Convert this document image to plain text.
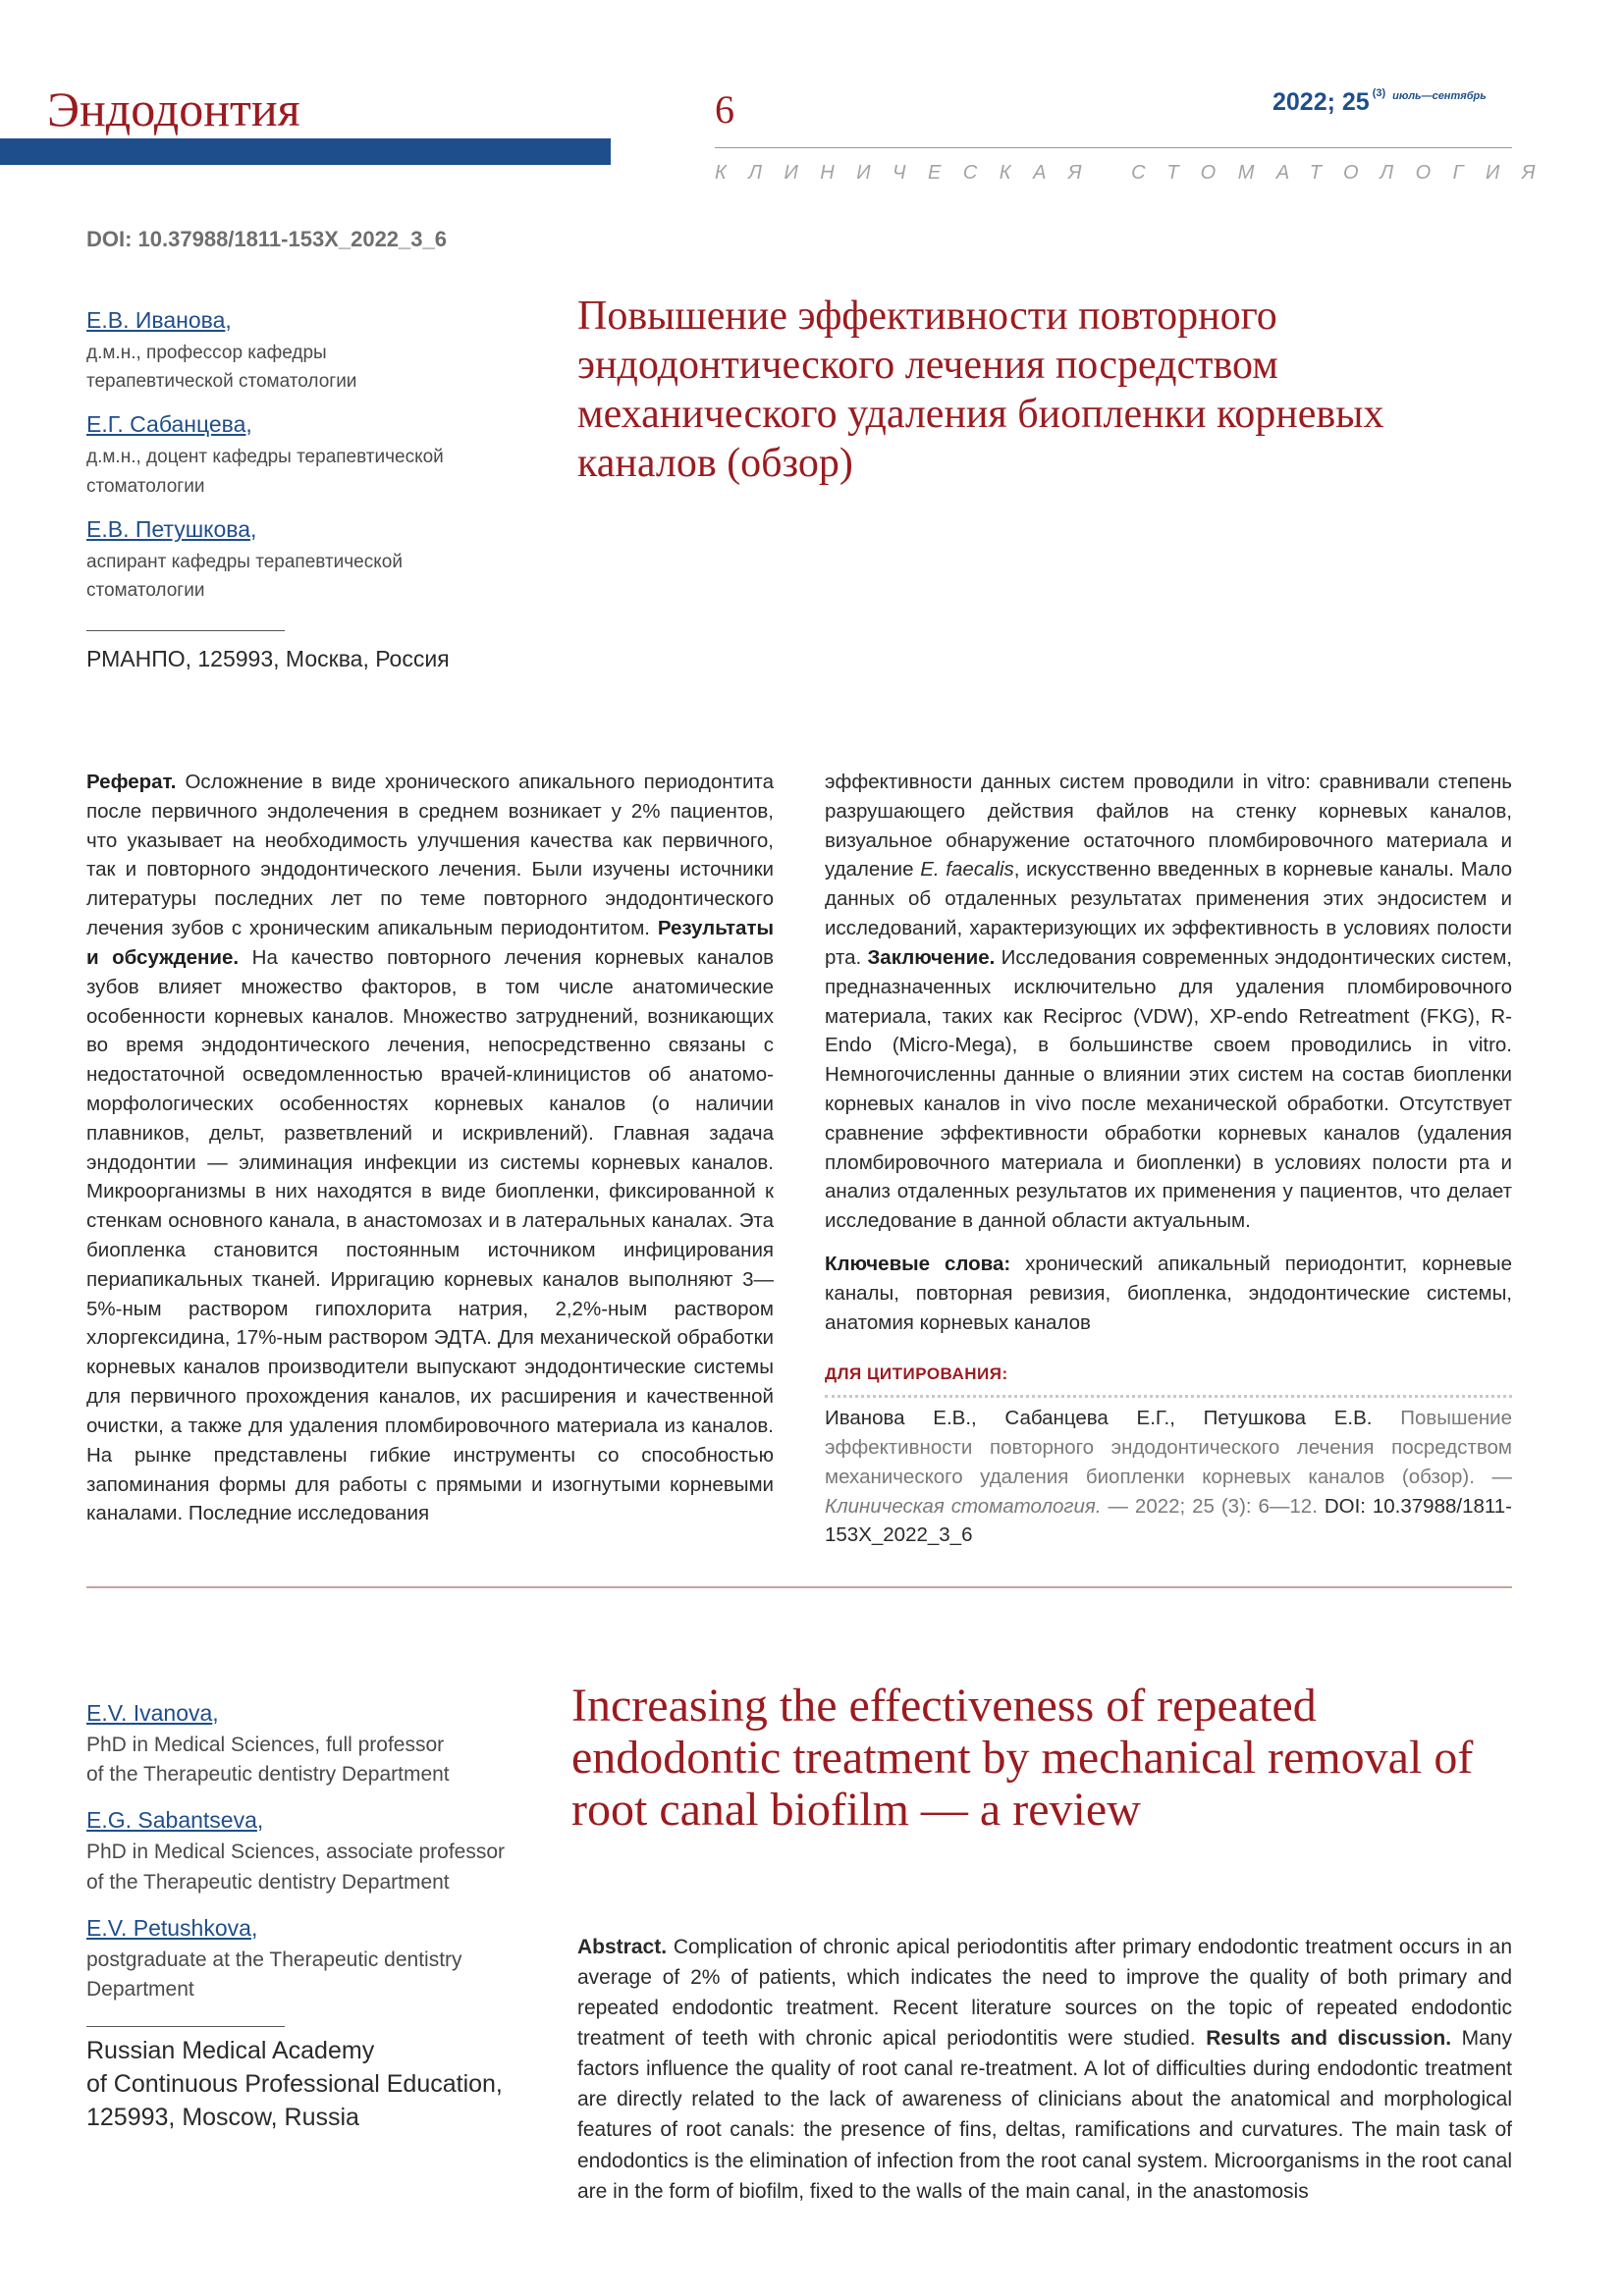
Эндодонтия	6	2022; 25 $^{(3)}$ $^{июль—сентябрь}$
КЛИНИЧЕСКАЯ СТОМАТОЛОГИЯ
DOI: 10.37988/1811-153X_2022_3_6
Е.В. Иванова,
д.м.н., профессор кафедры
терапевтической стоматологии
Е.Г. Сабанцева,
д.м.н., доцент кафедры терапевтической
стоматологии
Е.В. Петушкова,
аспирант кафедры терапевтической
стоматологии
РМАНПО, 125993, Москва, Россия
Повышение эффективности повторного эндодонтического лечения посредством механического удаления биопленки корневых каналов (обзор)
Реферат. Осложнение в виде хронического апикального периодонтита после первичного эндолечения в среднем возникает у 2% пациентов, что указывает на необходимость улучшения качества как первичного, так и повторного эндодонтического лечения. Были изучены источники литературы последних лет по теме повторного эндодонтического лечения зубов с хроническим апикальным периодонтитом. Результаты и обсуждение. На качество повторного лечения корневых каналов зубов влияет множество факторов, в том числе анатомические особенности корневых каналов. Множество затруднений, возникающих во время эндодонтического лечения, непосредственно связаны с недостаточной осведомленностью врачей-клиницистов об анатомо-морфологических особенностях корневых каналов (о наличии плавников, дельт, разветвлений и искривлений). Главная задача эндодонтии — элиминация инфекции из системы корневых каналов. Микроорганизмы в них находятся в виде биопленки, фиксированной к стенкам основного канала, в анастомозах и в латеральных каналах. Эта биопленка становится постоянным источником инфицирования периапикальных тканей. Ирригацию корневых каналов выполняют 3—5%-ным раствором гипохлорита натрия, 2,2%-ным раствором хлоргексидина, 17%-ным раствором ЭДТА. Для механической обработки корневых каналов производители выпускают эндодонтические системы для первичного прохождения каналов, их расширения и качественной очистки, а также для удаления пломбировочного материала из каналов. На рынке представлены гибкие инструменты со способностью запоминания формы для работы с прямыми и изогнутыми корневыми каналами. Последние исследования
эффективности данных систем проводили in vitro: сравнивали степень разрушающего действия файлов на стенку корневых каналов, визуальное обнаружение остаточного пломбировочного материала и удаление E. faecalis, искусственно введенных в корневые каналы. Мало данных об отдаленных результатах применения этих эндосистем и исследований, характеризующих их эффективность в условиях полости рта. Заключение. Исследования современных эндодонтических систем, предназначенных исключительно для удаления пломбировочного материала, таких как Reciproc (VDW), XP-endo Retreatment (FKG), R-Endo (Micro-Mega), в большинстве своем проводились in vitro. Немногочисленны данные о влиянии этих систем на состав биопленки корневых каналов in vivo после механической обработки. Отсутствует сравнение эффективности обработки корневых каналов (удаления пломбировочного материала и биопленки) в условиях полости рта и анализ отдаленных результатов их применения у пациентов, что делает исследование в данной области актуальным.
Ключевые слова: хронический апикальный периодонтит, корневые каналы, повторная ревизия, биопленка, эндодонтические системы, анатомия корневых каналов
ДЛЯ ЦИТИРОВАНИЯ:
Иванова Е.В., Сабанцева Е.Г., Петушкова Е.В. Повышение эффективности повторного эндодонтического лечения посредством механического удаления биопленки корневых каналов (обзор). — Клиническая стоматология. — 2022; 25 (3): 6—12. DOI: 10.37988/1811-153X_2022_3_6
E.V. Ivanova,
PhD in Medical Sciences, full professor
of the Therapeutic dentistry Department
E.G. Sabantseva,
PhD in Medical Sciences, associate professor
of the Therapeutic dentistry Department
E.V. Petushkova,
postgraduate at the Therapeutic dentistry
Department
Russian Medical Academy
of Continuous Professional Education,
125993, Moscow, Russia
Increasing the effectiveness of repeated endodontic treatment by mechanical removal of root canal biofilm — a review
Abstract. Complication of chronic apical periodontitis after primary endodontic treatment occurs in an average of 2% of patients, which indicates the need to improve the quality of both primary and repeated endodontic treatment. Recent literature sources on the topic of repeated endodontic treatment of teeth with chronic apical periodontitis were studied. Results and discussion. Many factors influence the quality of root canal re-treatment. A lot of difficulties during endodontic treatment are directly related to the lack of awareness of clinicians about the anatomical and morphological features of root canals: the presence of fins, deltas, ramifications and curvatures. The main task of endodontics is the elimination of infection from the root canal system. Microorganisms in the root canal are in the form of biofilm, fixed to the walls of the main canal, in the anastomosis
